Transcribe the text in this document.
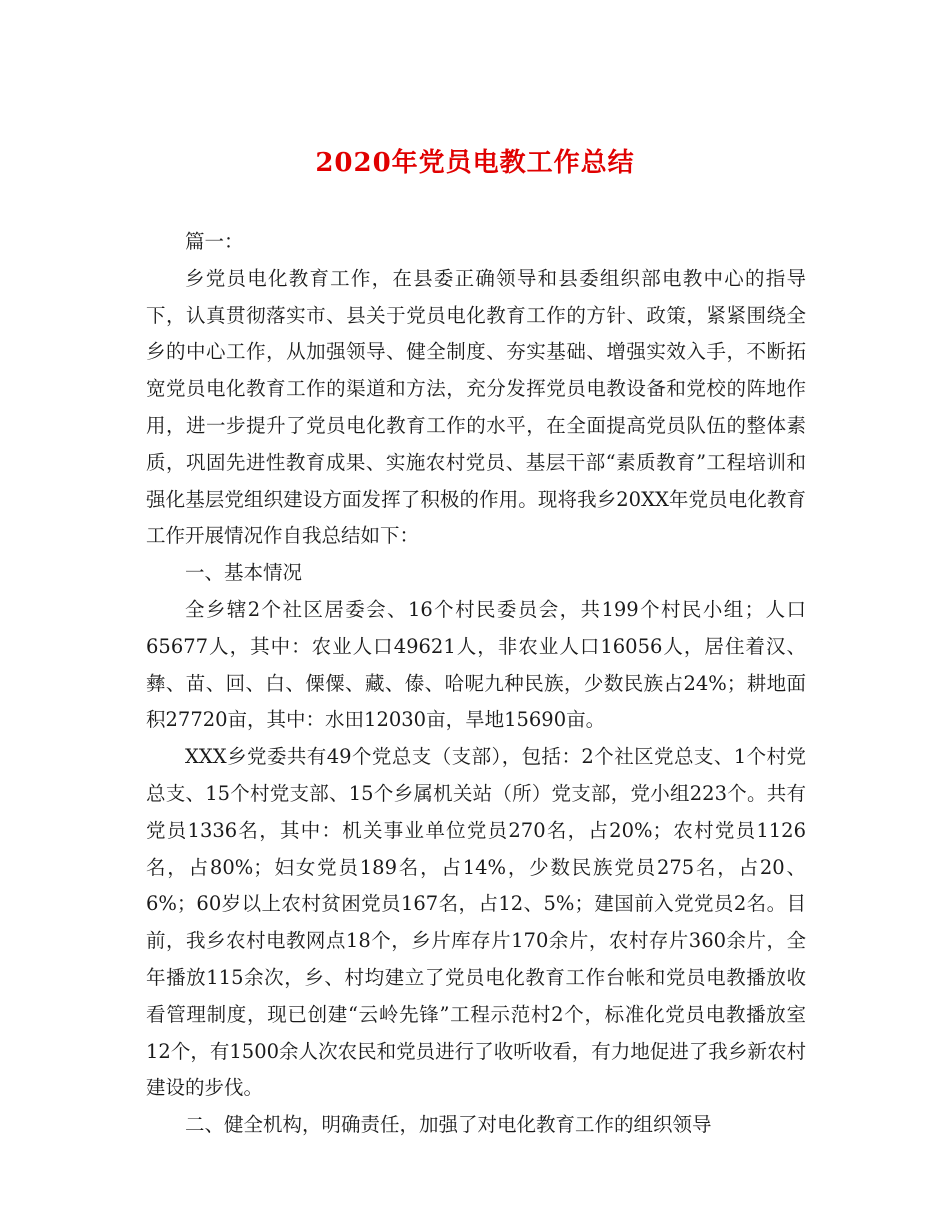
2020年党员电教工作总结

篇一：

乡党员电化教育工作，在县委正确领导和县委组织部电教中心的指导下，认真贯彻落实市、县关于党员电化教育工作的方针、政策，紧紧围绕全乡的中心工作，从加强领导、健全制度、夯实基础、增强实效入手，不断拓宽党员电化教育工作的渠道和方法，充分发挥党员电教设备和党校的阵地作用，进一步提升了党员电化教育工作的水平，在全面提高党员队伍的整体素质，巩固先进性教育成果、实施农村党员、基层干部“素质教育”工程培训和强化基层党组织建设方面发挥了积极的作用。现将我乡20XX年党员电化教育工作开展情况作自我总结如下：

一、基本情况

全乡辖2个社区居委会、16个村民委员会，共199个村民小组；人口65677人，其中：农业人口49621人，非农业人口16056人，居住着汉、彝、苗、回、白、傈僳、藏、傣、哈呢九种民族，少数民族占24%；耕地面积27720亩，其中：水田12030亩，旱地15690亩。

XXX乡党委共有49个党总支（支部），包括：2个社区党总支、1个村党总支、15个村党支部、15个乡属机关站（所）党支部，党小组223个。共有党员1336名，其中：机关事业单位党员270名，占20%；农村党员1126名，占80%；妇女党员189名，占14%，少数民族党员275名，占20、6%；60岁以上农村贫困党员167名，占12、5%；建国前入党党员2名。目前，我乡农村电教网点18个，乡片库存片170余片，农村存片360余片，全年播放115余次，乡、村均建立了党员电化教育工作台帐和党员电教播放收看管理制度，现已创建“云岭先锋”工程示范村2个，标准化党员电教播放室12个，有1500余人次农民和党员进行了收听收看，有力地促进了我乡新农村建设的步伐。

二、健全机构，明确责任，加强了对电化教育工作的组织领导
